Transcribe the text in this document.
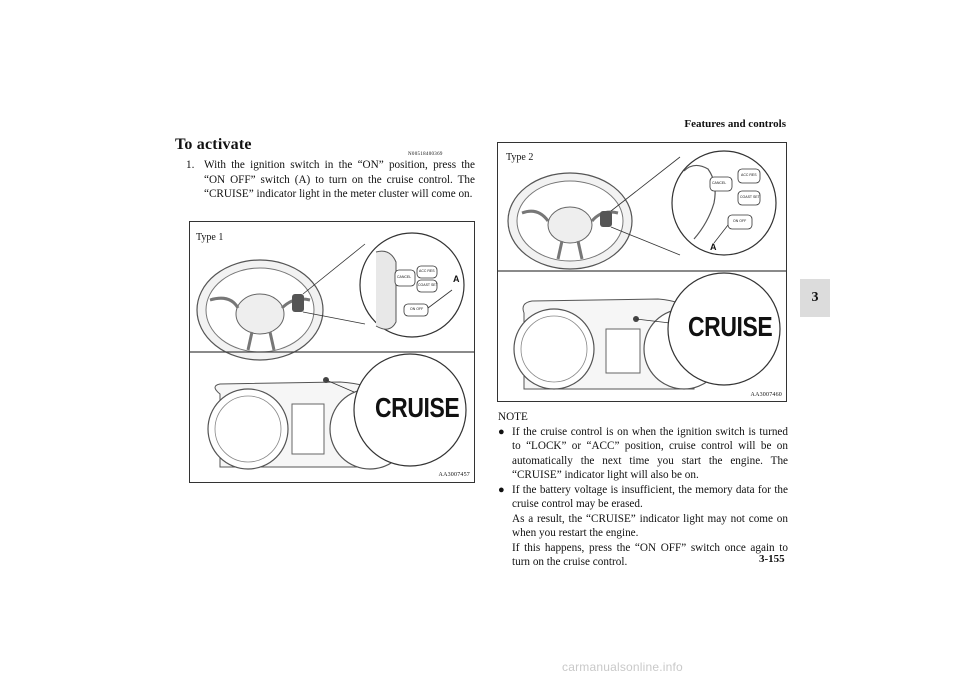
Features and controls
3
To activate
N00518400369
1. With the ignition switch in the “ON” position, press the “ON OFF” switch (A) to turn on the cruise control. The “CRUISE” indicator light in the meter cluster will come on.
Type 1
A
CANCEL
ACC RES
COAST SET
ON OFF
CRUISE
AA3007457
Type 2
A
CANCEL
ACC RES
COAST SET
ON OFF
CRUISE
AA3007460
NOTE

● If the cruise control is on when the ignition switch is turned to “LOCK” or “ACC” position, cruise control will be on automatically the next time you start the engine. The “CRUISE” indicator light will also be on.

● If the battery voltage is insufficient, the memory data for the cruise control may be erased.

As a result, the “CRUISE” indicator light may not come on when you restart the engine.

If this happens, press the “ON OFF” switch once again to turn on the cruise control.	3-155
carmanualsonline.info
